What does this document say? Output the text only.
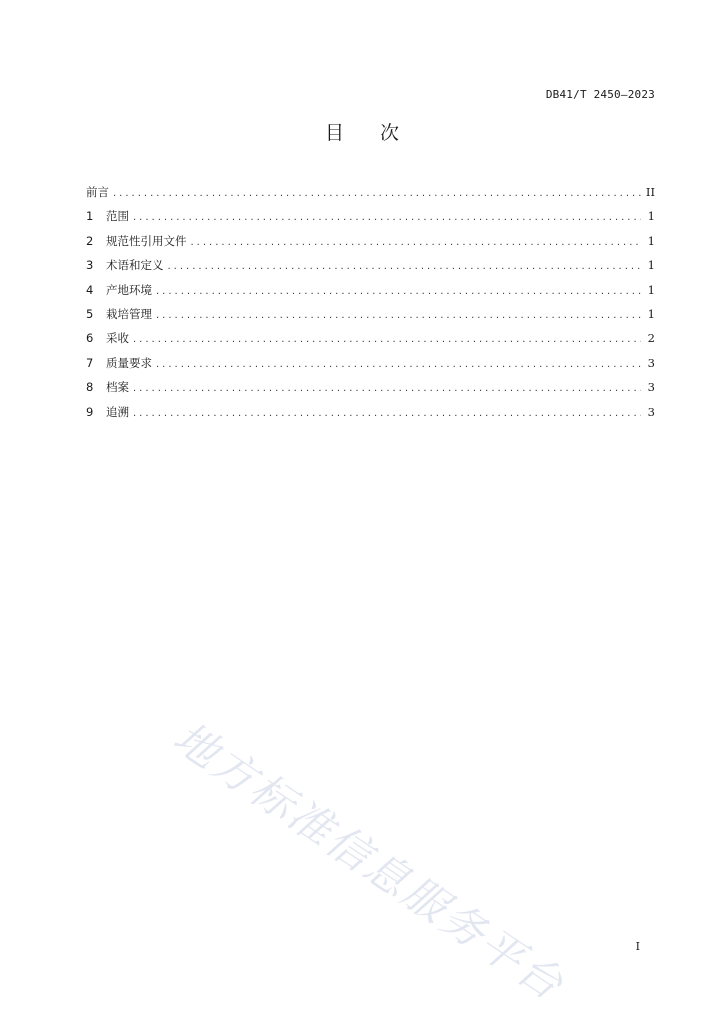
DB41/T 2450—2023
目 次
前言 .....	II
1	范围 .....	1
2	规范性引用文件 .....	1
3	术语和定义 .....	1
4	产地环境 .....	1
5	栽培管理 .....	1
6	采收 .....	2
7	质量要求 .....	3
8	档案 .....	3
9	追溯 .....	3
地方标准信息服务平台	I
